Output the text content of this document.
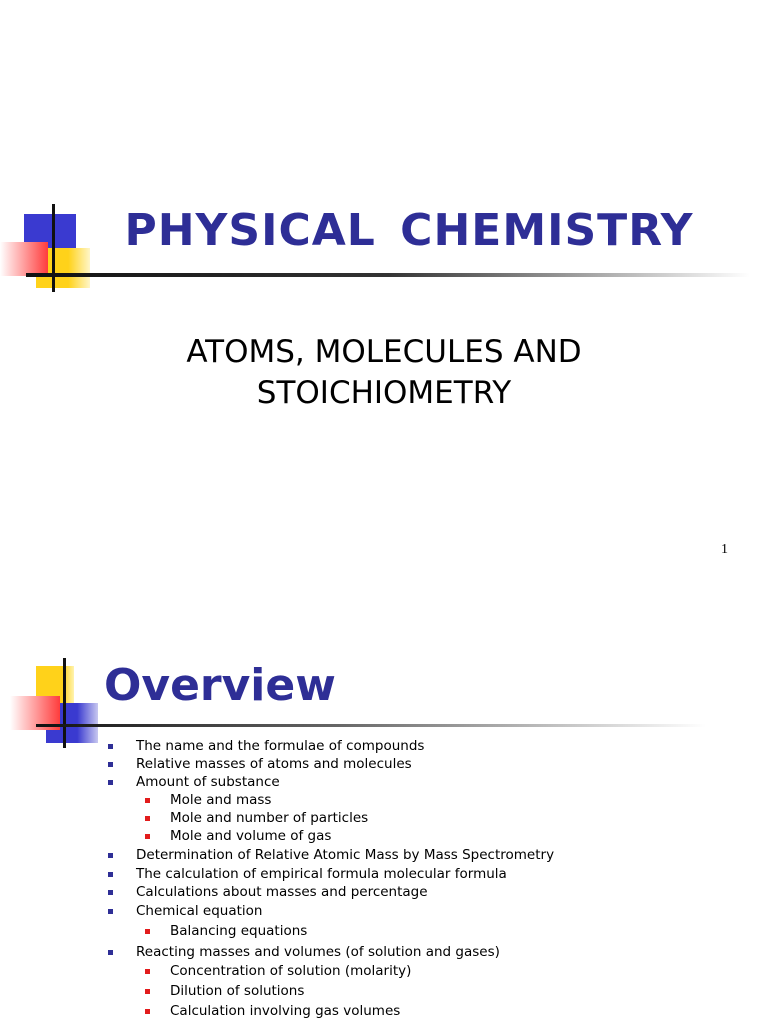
PHYSICAL CHEMISTRY
ATOMS, MOLECULES AND
STOICHIOMETRY
1
Overview
The name and the formulae of compounds
Relative masses of atoms and molecules
Amount of substance
Mole and mass
Mole and number of particles
Mole and volume of gas
Determination of Relative Atomic Mass by Mass Spectrometry
The calculation of empirical formula molecular formula
Calculations about masses and percentage
Chemical equation
Balancing equations
Reacting masses and volumes (of solution and gases)
Concentration of solution (molarity)
Dilution of solutions
Calculation involving gas volumes
